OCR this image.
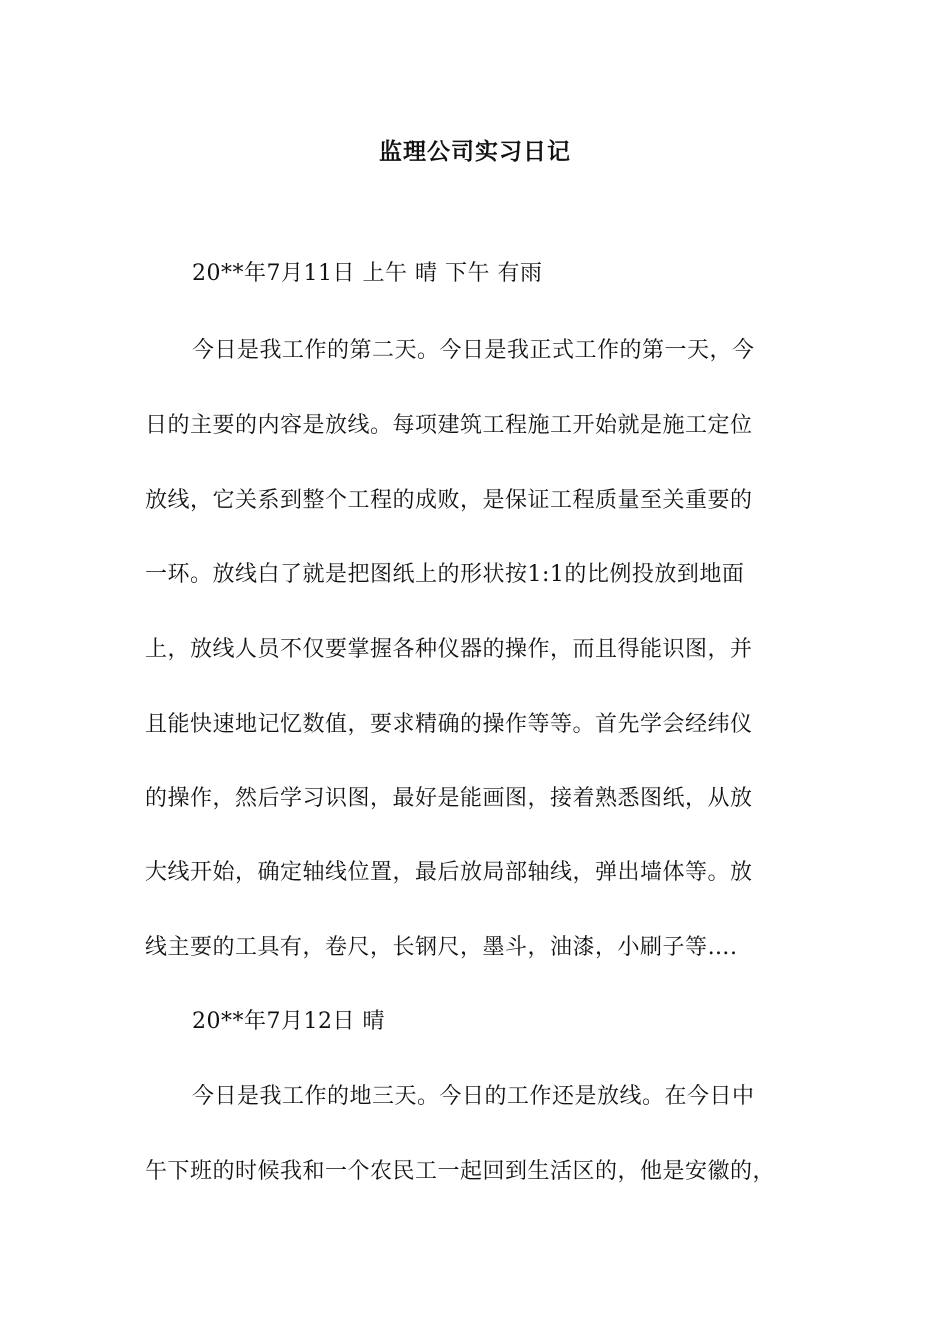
监理公司实习日记
20**年7月11日 上午 晴 下午 有雨
今日是我工作的第二天。今日是我正式工作的第一天，今
日的主要的内容是放线。每项建筑工程施工开始就是施工定位
放线，它关系到整个工程的成败，是保证工程质量至关重要的
一环。放线白了就是把图纸上的形状按1:1的比例投放到地面
上，放线人员不仅要掌握各种仪器的操作，而且得能识图，并
且能快速地记忆数值，要求精确的操作等等。首先学会经纬仪
的操作，然后学习识图，最好是能画图，接着熟悉图纸，从放
大线开始，确定轴线位置，最后放局部轴线，弹出墙体等。放
线主要的工具有，卷尺，长钢尺，墨斗，油漆，小刷子等….
20**年7月12日 晴
今日是我工作的地三天。今日的工作还是放线。在今日中
午下班的时候我和一个农民工一起回到生活区的，他是安徽的，
